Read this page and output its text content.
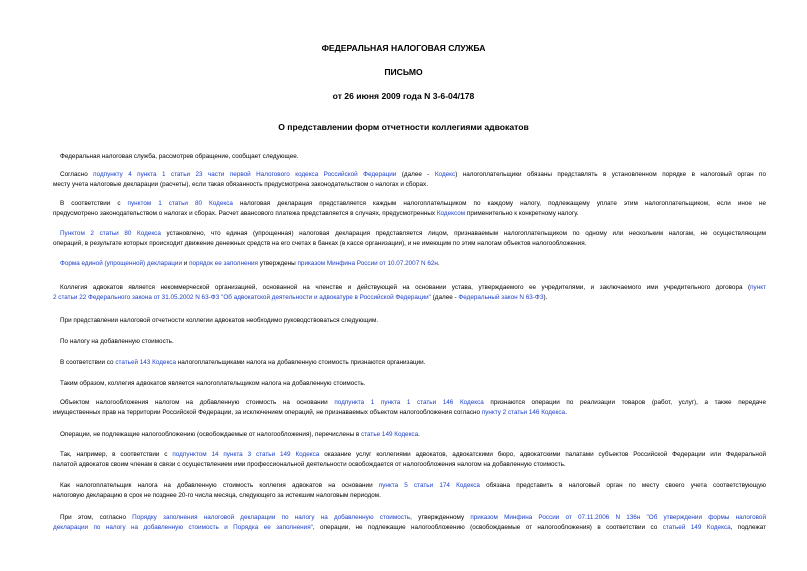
ФЕДЕРАЛЬНАЯ НАЛОГОВАЯ СЛУЖБА
ПИСЬМО
от 26 июня 2009 года N 3-6-04/178
О представлении форм отчетности коллегиями адвокатов
Федеральная налоговая служба, рассмотрев обращение, сообщает следующее.
Согласно подпункту 4 пункта 1 статьи 23 части первой Налогового кодекса Российской Федерации (далее - Кодекс) налогоплательщики обязаны представлять в установленном порядке в налоговый орган по
месту учета налоговые декларации (расчеты), если такая обязанность предусмотрена законодательством о налогах и сборах.
В соответствии с пунктом 1 статьи 80 Кодекса налоговая декларация представляется каждым налогоплательщиком по каждому налогу, подлежащему уплате этим налогоплательщиком, если иное не
предусмотрено законодательством о налогах и сборах. Расчет авансового платежа представляется в случаях, предусмотренных Кодексом применительно к конкретному налогу.
Пунктом 2 статьи 80 Кодекса установлено, что единая (упрощенная) налоговая декларация представляется лицом, признаваемым налогоплательщиком по одному или нескольким налогам, не осуществляющим
операций, в результате которых происходит движение денежных средств на его счетах в банках (в кассе организации), и не имеющим по этим налогам объектов налогообложения.
Форма единой (упрощенной) декларации и порядок ее заполнения утверждены приказом Минфина России от 10.07.2007 N 62н.
Коллегия адвокатов является некоммерческой организацией, основанной на членстве и действующей на основании устава, утверждаемого ее учредителями, и заключаемого ими учредительного договора (пункт
2 статьи 22 Федерального закона от 31.05.2002 N 63-ФЗ "Об адвокатской деятельности и адвокатуре в Российской Федерации" (далее - Федеральный закон N 63-ФЗ).
При представлении налоговой отчетности коллегии адвокатов необходимо руководствоваться следующим.
По налогу на добавленную стоимость.
В соответствии со статьей 143 Кодекса налогоплательщиками налога на добавленную стоимость признаются организации.
Таким образом, коллегия адвокатов является налогоплательщиком налога на добавленную стоимость.
Объектом налогообложения налогом на добавленную стоимость на основании подпункта 1 пункта 1 статьи 146 Кодекса признаются операции по реализации товаров (работ, услуг), а также передаче
имущественных прав на территории Российской Федерации, за исключением операций, не признаваемых объектом налогообложения согласно пункту 2 статьи 146 Кодекса.
Операции, не подлежащие налогообложению (освобождаемые от налогообложения), перечислены в статье 149 Кодекса.
Так, например, в соответствии с подпунктом 14 пункта 3 статьи 149 Кодекса оказание услуг коллегиями адвокатов, адвокатскими бюро, адвокатскими палатами субъектов Российской Федерации или Федеральной
палатой адвокатов своим членам в связи с осуществлением ими профессиональной деятельности освобождается от налогообложения налогом на добавленную стоимость.
Как налогоплательщик налога на добавленную стоимость коллегия адвокатов на основании пункта 5 статьи 174 Кодекса обязана представить в налоговый орган по месту своего учета соответствующую
налоговую декларацию в срок не позднее 20-го числа месяца, следующего за истекшим налоговым периодом.
При этом, согласно Порядку заполнения налоговой декларации по налогу на добавленную стоимость, утвержденному приказом Минфина России от 07.11.2006 N 136н "Об утверждении формы налоговой
декларации по налогу на добавленную стоимость и Порядка ее заполнения", операции, не подлежащие налогообложению (освобождаемые от налогообложения) в соответствии со статьей 149 Кодекса, подлежат
